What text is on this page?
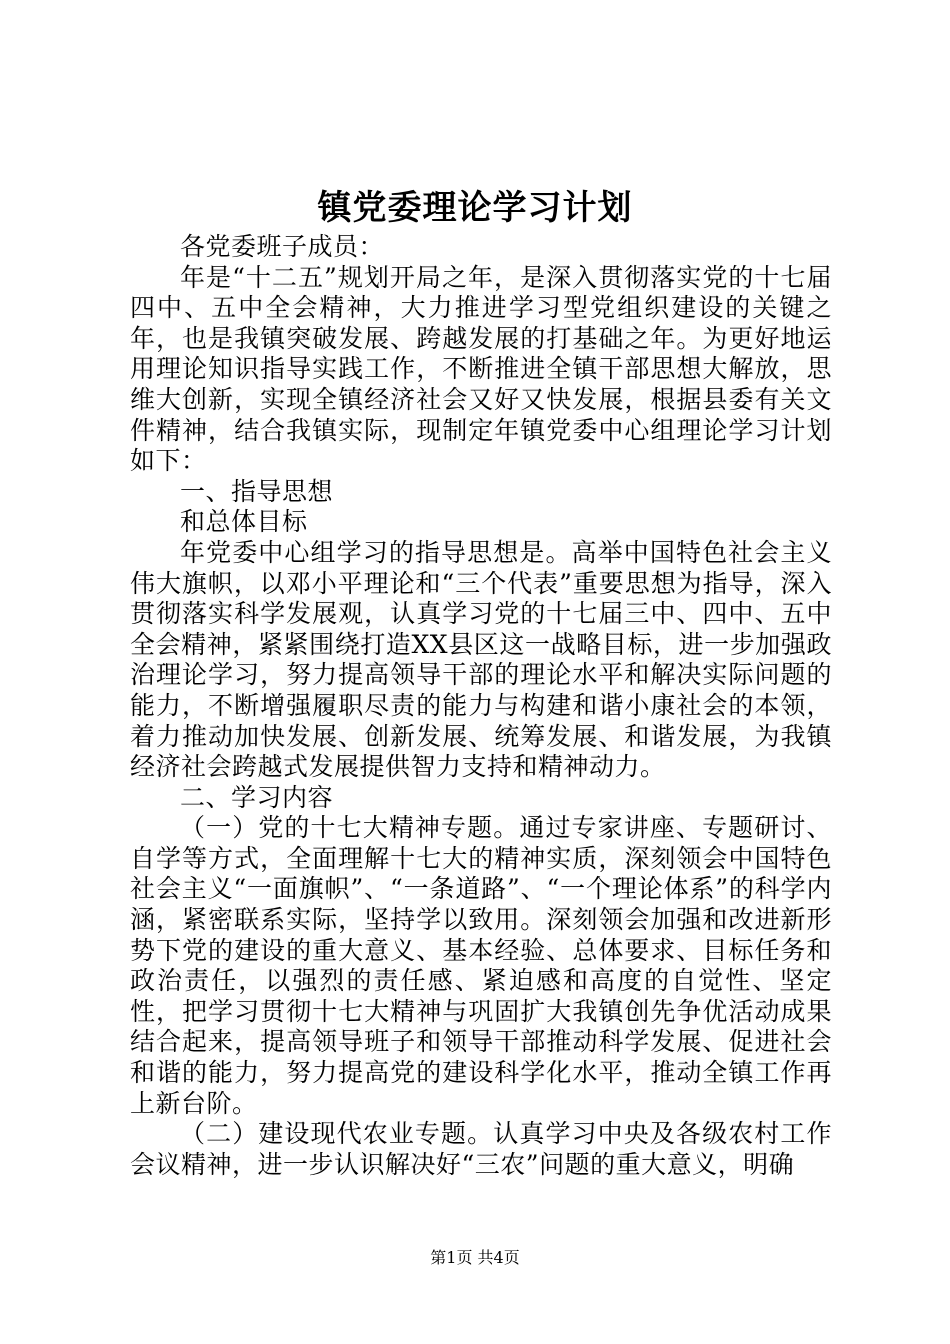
镇党委理论学习计划

各党委班子成员：

年是“十二五”规划开局之年，是深入贯彻落实党的十七届四中、五中全会精神，大力推进学习型党组织建设的关键之年，也是我镇突破发展、跨越发展的打基础之年。为更好地运用理论知识指导实践工作，不断推进全镇干部思想大解放，思维大创新，实现全镇经济社会又好又快发展，根据县委有关文件精神，结合我镇实际，现制定年镇党委中心组理论学习计划如下：

一、指导思想

和总体目标

年党委中心组学习的指导思想是。高举中国特色社会主义伟大旗帜，以邓小平理论和“三个代表”重要思想为指导，深入贯彻落实科学发展观，认真学习党的十七届三中、四中、五中全会精神，紧紧围绕打造XX县区这一战略目标，进一步加强政治理论学习，努力提高领导干部的理论水平和解决实际问题的能力，不断增强履职尽责的能力与构建和谐小康社会的本领，着力推动加快发展、创新发展、统筹发展、和谐发展，为我镇经济社会跨越式发展提供智力支持和精神动力。

二、学习内容

（一）党的十七大精神专题。通过专家讲座、专题研讨、自学等方式，全面理解十七大的精神实质，深刻领会中国特色社会主义“一面旗帜”、“一条道路”、“一个理论体系”的科学内涵，紧密联系实际，坚持学以致用。深刻领会加强和改进新形势下党的建设的重大意义、基本经验、总体要求、目标任务和政治责任，以强烈的责任感、紧迫感和高度的自觉性、坚定性，把学习贯彻十七大精神与巩固扩大我镇创先争优活动成果结合起来，提高领导班子和领导干部推动科学发展、促进社会和谐的能力，努力提高党的建设科学化水平，推动全镇工作再上新台阶。

（二）建设现代农业专题。认真学习中央及各级农村工作会议精神，进一步认识解决好“三农”问题的重大意义，明确

第1页 共4页
